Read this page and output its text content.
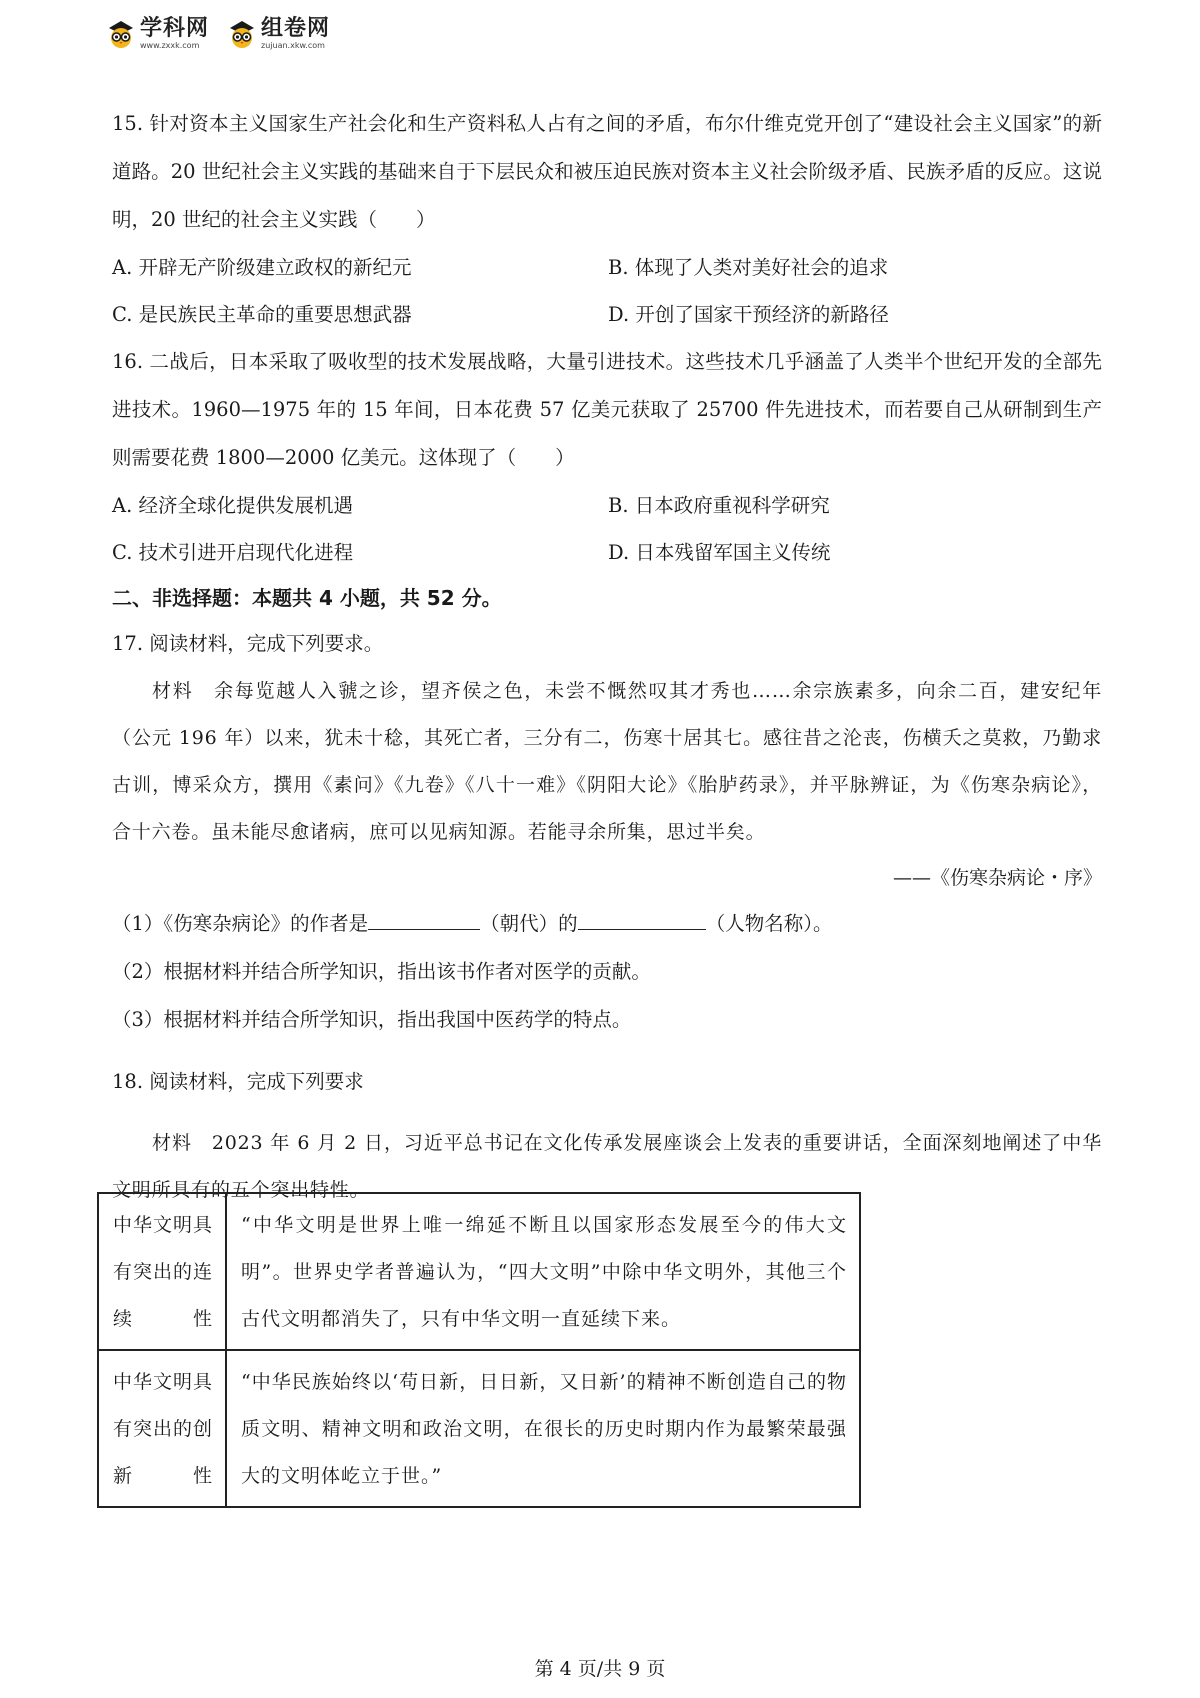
学科网
www.zxxk.com
组卷网
zujuan.xkw.com

15. 针对资本主义国家生产社会化和生产资料私人占有之间的矛盾，布尔什维克党开创了“建设社会主义国家”的新道路。20 世纪社会主义实践的基础来自于下层民众和被压迫民族对资本主义社会阶级矛盾、民族矛盾的反应。这说明，20 世纪的社会主义实践（　　）

A. 开辟无产阶级建立政权的新纪元	B. 体现了人类对美好社会的追求
C. 是民族民主革命的重要思想武器	D. 开创了国家干预经济的新路径

16. 二战后，日本采取了吸收型的技术发展战略，大量引进技术。这些技术几乎涵盖了人类半个世纪开发的全部先进技术。1960—1975 年的 15 年间，日本花费 57 亿美元获取了 25700 件先进技术，而若要自己从研制到生产则需要花费 1800—2000 亿美元。这体现了（　　）

A. 经济全球化提供发展机遇	B. 日本政府重视科学研究
C. 技术引进开启现代化进程	D. 日本残留军国主义传统

二、非选择题：本题共 4 小题，共 52 分。

17. 阅读材料，完成下列要求。

材料　余每览越人入虢之诊，望齐侯之色，未尝不慨然叹其才秀也……余宗族素多，向余二百，建安纪年（公元 196 年）以来，犹未十稔，其死亡者，三分有二，伤寒十居其七。感往昔之沦丧，伤横夭之莫救，乃勤求古训，博采众方，撰用《素问》《九卷》《八十一难》《阴阳大论》《胎胪药录》，并平脉辨证，为《伤寒杂病论》，合十六卷。虽未能尽愈诸病，庶可以见病知源。若能寻余所集，思过半矣。

——《伤寒杂病论・序》

（1）《伤寒杂病论》的作者是	（朝代）的	（人物名称）。

（2）根据材料并结合所学知识，指出该书作者对医学的贡献。

（3）根据材料并结合所学知识，指出我国中医药学的特点。

18. 阅读材料，完成下列要求

材料　2023 年 6 月 2 日，习近平总书记在文化传承发展座谈会上发表的重要讲话，全面深刻地阐述了中华文明所具有的五个突出特性。

中华文明具有突出的连续性	“中华文明是世界上唯一绵延不断且以国家形态发展至今的伟大文明”。世界史学者普遍认为，“四大文明”中除中华文明外，其他三个古代文明都消失了，只有中华文明一直延续下来。
中华文明具有突出的创新性	“中华民族始终以‘苟日新，日日新，又日新’的精神不断创造自己的物质文明、精神文明和政治文明，在很长的历史时期内作为最繁荣最强大的文明体屹立于世。”
第 4 页/共 9 页
